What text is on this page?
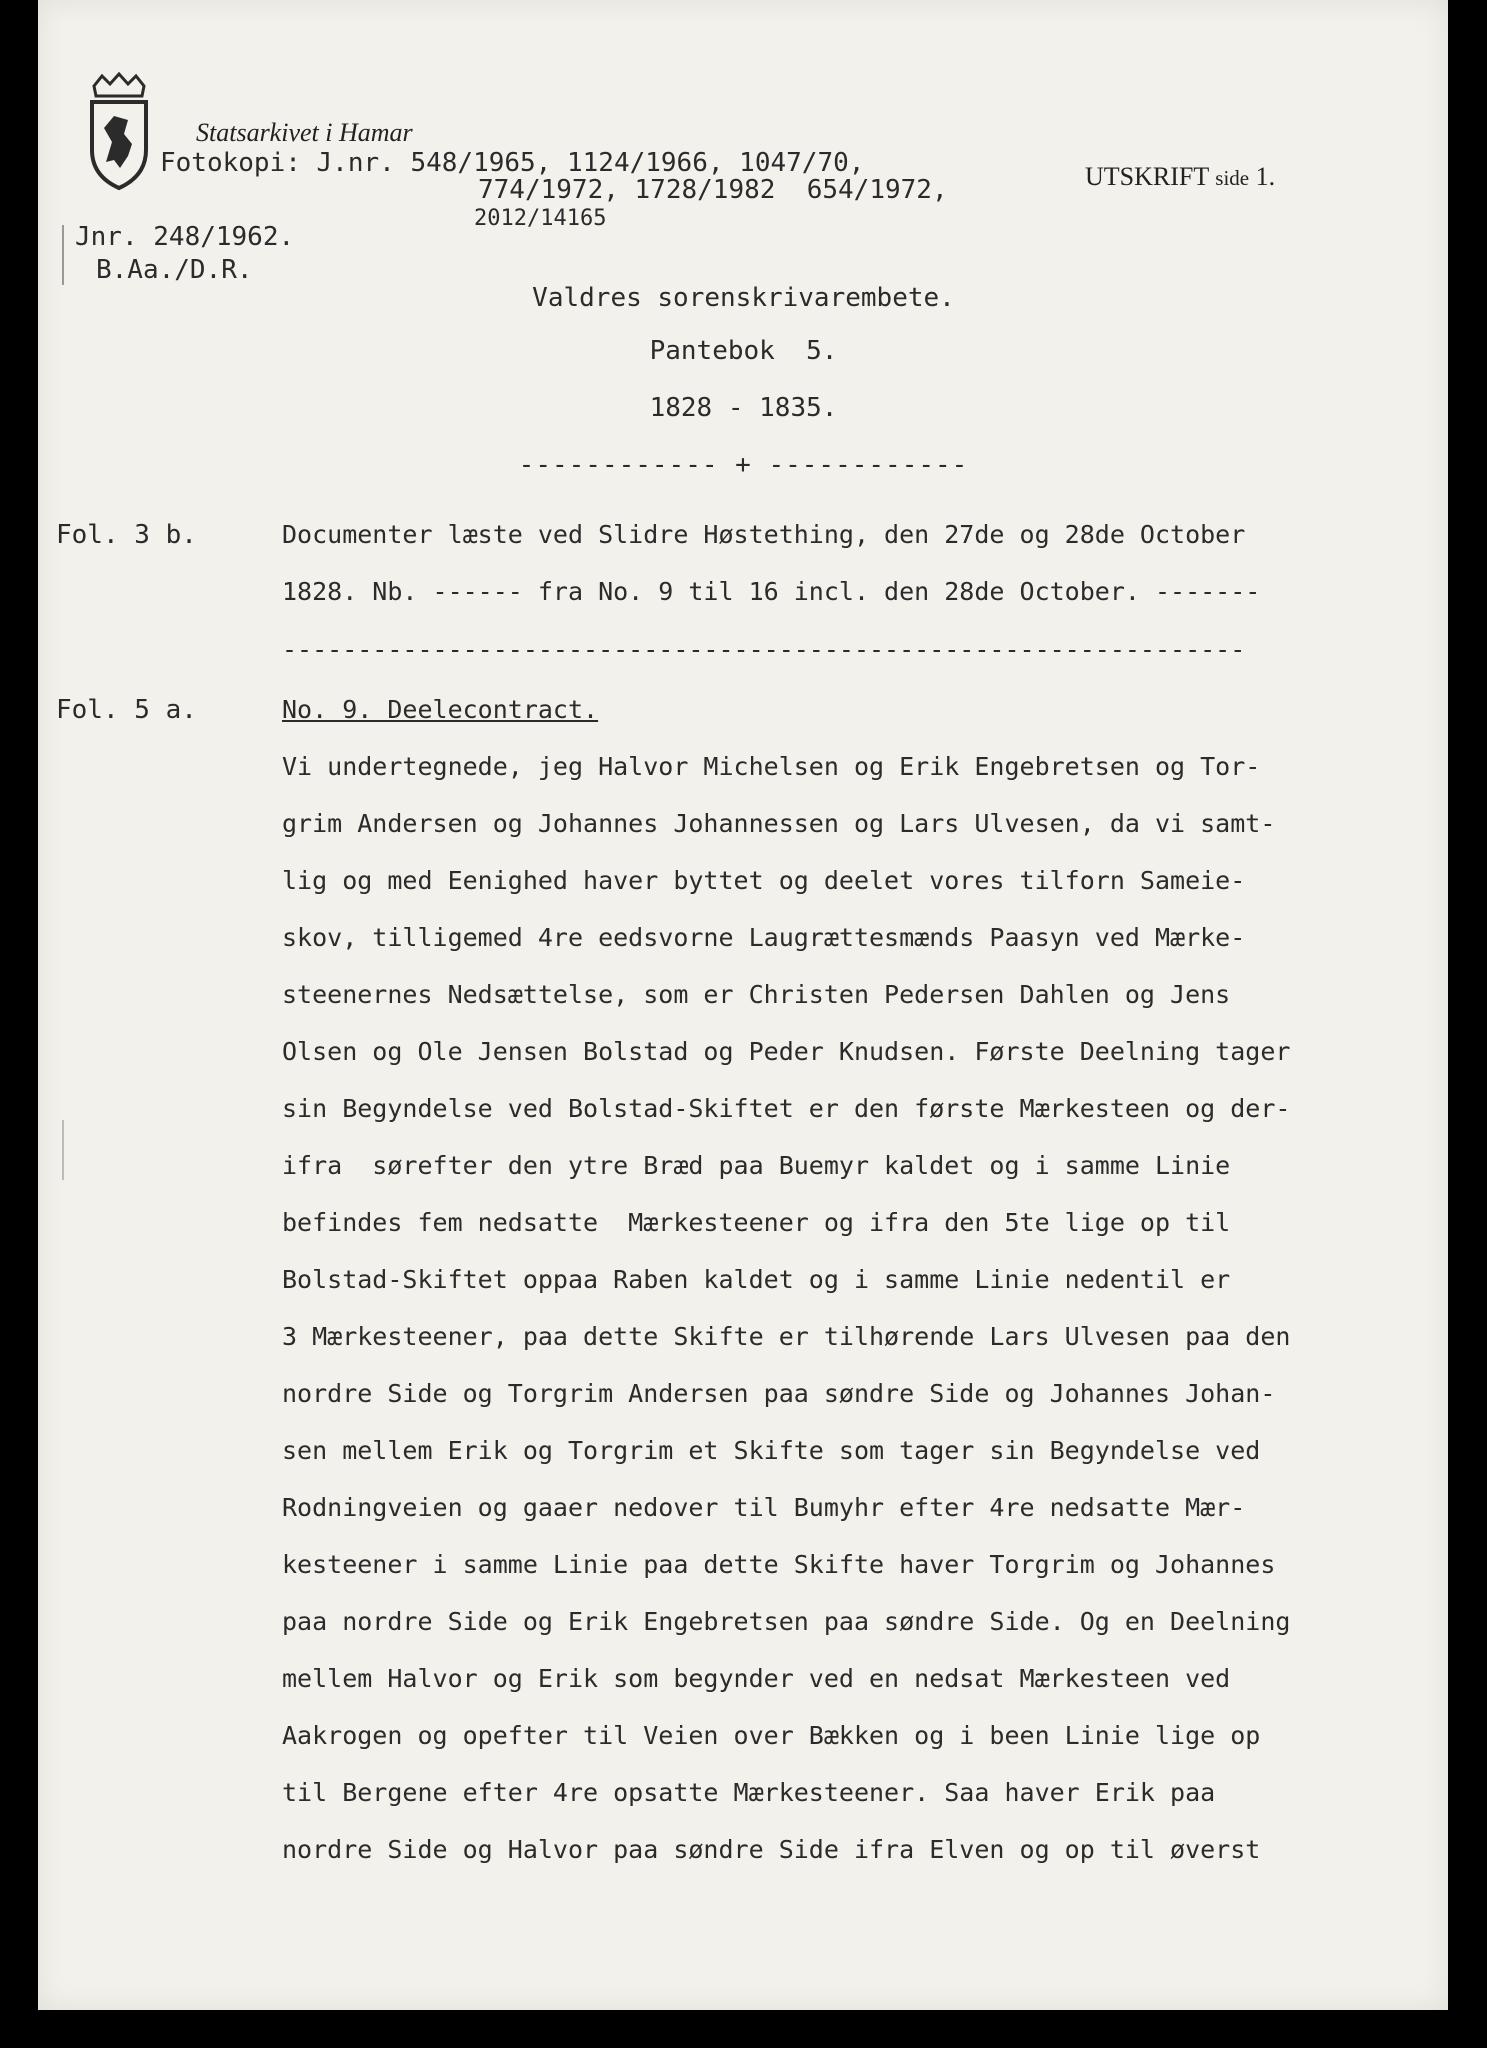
Statsarkivet i Hamar
Fotokopi: J.nr. 548/1965, 1124/1966, 1047/70,
774/1972, 1728/1982  654/1972,
2012/14165
UTSKRIFT side 1.
Jnr. 248/1962.
B.Aa./D.R.
Valdres sorenskrivarembete.
Pantebok  5.
1828 - 1835.
------------ + ------------
Fol. 3 b.	Documenter læste ved Slidre Høstething, den 27de og 28de October
1828. Nb. ------ fra No. 9 til 16 incl. den 28de October. -------
----------------------------------------------------------------
Fol. 5 a.	No. 9. Deelecontract.
Vi undertegnede, jeg Halvor Michelsen og Erik Engebretsen og Tor-
grim Andersen og Johannes Johannessen og Lars Ulvesen, da vi samt-
lig og med Eenighed haver byttet og deelet vores tilforn Sameie-
skov, tilligemed 4re eedsvorne Laugrættesmænds Paasyn ved Mærke-
steenernes Nedsættelse, som er Christen Pedersen Dahlen og Jens
Olsen og Ole Jensen Bolstad og Peder Knudsen. Første Deelning tager
sin Begyndelse ved Bolstad-Skiftet er den første Mærkesteen og der-
ifra  sørefter den ytre Bræd paa Buemyr kaldet og i samme Linie
befindes fem nedsatte  Mærkesteener og ifra den 5te lige op til
Bolstad-Skiftet oppaa Raben kaldet og i samme Linie nedentil er
3 Mærkesteener, paa dette Skifte er tilhørende Lars Ulvesen paa den
nordre Side og Torgrim Andersen paa søndre Side og Johannes Johan-
sen mellem Erik og Torgrim et Skifte som tager sin Begyndelse ved
Rodningveien og gaaer nedover til Bumyhr efter 4re nedsatte Mær-
kesteener i samme Linie paa dette Skifte haver Torgrim og Johannes
paa nordre Side og Erik Engebretsen paa søndre Side. Og en Deelning
mellem Halvor og Erik som begynder ved en nedsat Mærkesteen ved
Aakrogen og opefter til Veien over Bækken og i been Linie lige op
til Bergene efter 4re opsatte Mærkesteener. Saa haver Erik paa
nordre Side og Halvor paa søndre Side ifra Elven og op til øverst
